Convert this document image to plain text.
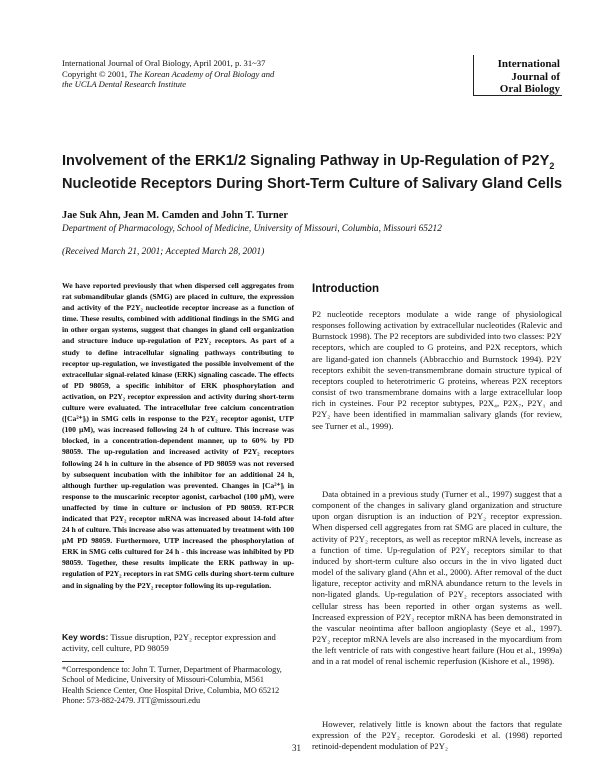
International Journal of Oral Biology, April 2001, p. 31~37
Copyright © 2001, The Korean Academy of Oral Biology and
the UCLA Dental Research Institute
International
Journal of
Oral Biology
Involvement of the ERK1/2 Signaling Pathway in Up-Regulation of $P2Y_2$
Nucleotide Receptors During Short-Term Culture of Salivary Gland Cells
Jae Suk Ahn, Jean M. Camden and John T. Turner
Department of Pharmacology, School of Medicine, University of Missouri, Columbia, Missouri 65212
(Received March 21, 2001; Accepted March 28, 2001)
We have reported previously that when dispersed cell aggregates from rat submandibular glands (SMG) are placed in culture, the expression and activity of the P2Y₂ nucleotide receptor increase as a function of time. These results, combined with additional findings in the SMG and in other organ systems, suggest that changes in gland cell organization and structure induce up-regulation of P2Y₂ receptors. As part of a study to define intracellular signaling pathways contributing to receptor up-regulation, we investigated the possible involvement of the extracellular signal-related kinase (ERK) signaling cascade. The effects of PD 98059, a specific inhibitor of ERK phosphorylation and activation, on P2Y₂ receptor expression and activity during short-term culture were evaluated. The intracellular free calcium concentration ([Ca²⁺]ᵢ) in SMG cells in response to the P2Y₂ receptor agonist, UTP (100 μM), was increased following 24 h of culture. This increase was blocked, in a concentration-dependent manner, up to 60% by PD 98059. The up-regulation and increased activity of P2Y₂ receptors following 24 h in culture in the absence of PD 98059 was not reversed by subsequent incubation with the inhibitor for an additional 24 h, although further up-regulation was prevented. Changes in [Ca²⁺]ᵢ in response to the muscarinic receptor agonist, carbachol (100 μM), were unaffected by time in culture or inclusion of PD 98059. RT-PCR indicated that P2Y₂ receptor mRNA was increased about 14-fold after 24 h of culture. This increase also was attenuated by treatment with 100 μM PD 98059. Furthermore, UTP increased the phosphorylation of ERK in SMG cells cultured for 24 h - this increase was inhibited by PD 98059. Together, these results implicate the ERK pathway in up-regulation of P2Y₂ receptors in rat SMG cells during short-term culture and in signaling by the P2Y₂ receptor following its up-regulation.
Key words: Tissue disruption, P2Y₂ receptor expression and activity, cell culture, PD 98059
*Correspondence to: John T. Turner, Department of Pharmacology,
School of Medicine, University of Missouri-Columbia, M561
Health Science Center, One Hospital Drive, Columbia, MO 65212
Phone: 573-882-2479. JTT@missouri.edu
Introduction
P2 nucleotide receptors modulate a wide range of physiological responses following activation by extracellular nucleotides (Ralevic and Burnstock 1998). The P2 receptors are subdivided into two classes: P2Y receptors, which are coupled to G proteins, and P2X receptors, which are ligand-gated ion channels (Abbracchio and Burnstock 1994). P2Y receptors exhibit the seven-transmembrane domain structure typical of receptors coupled to heterotrimeric G proteins, whereas P2X receptors consist of two transmembrane domains with a large extracellular loop rich in cysteines. Four P2 receptor subtypes, P2X₄, P2X₇, P2Y₁ and P2Y₂ have been identified in mammalian salivary glands (for review, see Turner et al., 1999).
Data obtained in a previous study (Turner et al., 1997) suggest that a component of the changes in salivary gland organization and structure upon organ disruption is an induction of P2Y₂ receptor expression. When dispersed cell aggregates from rat SMG are placed in culture, the activity of P2Y₂ receptors, as well as receptor mRNA levels, increase as a function of time. Up-regulation of P2Y₂ receptors similar to that induced by short-term culture also occurs in the in vivo ligated duct model of the salivary gland (Ahn et al., 2000). After removal of the duct ligature, receptor activity and mRNA abundance return to the levels in non-ligated glands. Up-regulation of P2Y₂ receptors associated with cellular stress has been reported in other organ systems as well. Increased expression of P2Y₂ receptor mRNA has been demonstrated in the vascular neointima after balloon angioplasty (Seye et al., 1997). P2Y₂ receptor mRNA levels are also increased in the myocardium from the left ventricle of rats with congestive heart failure (Hou et al., 1999a) and in a rat model of renal ischemic reperfusion (Kishore et al., 1998).
However, relatively little is known about the factors that regulate expression of the P2Y₂ receptor. Gorodeski et al. (1998) reported retinoid-dependent modulation of P2Y₂
31
